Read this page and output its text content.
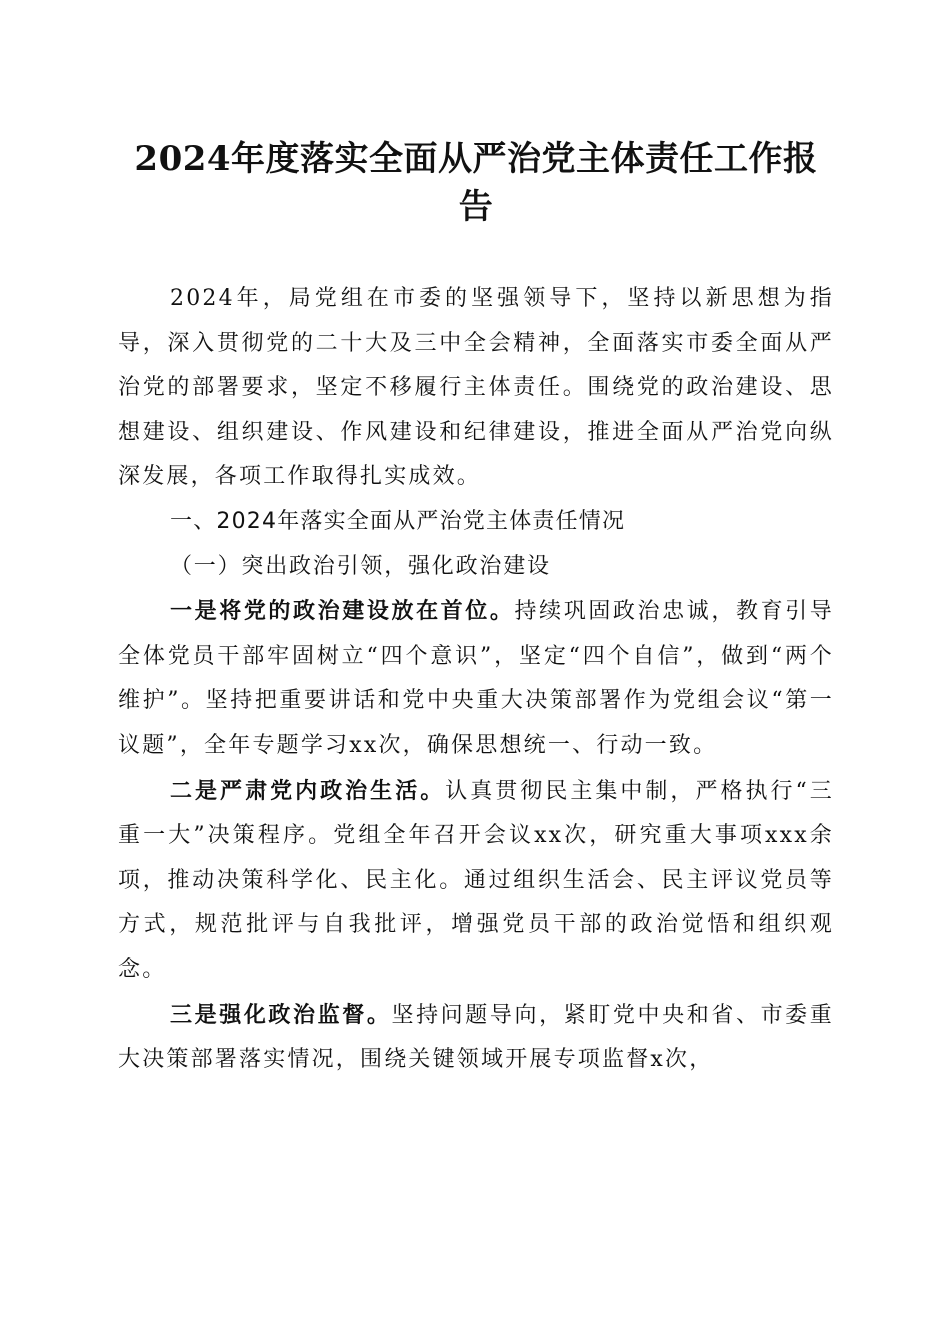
2024年度落实全面从严治党主体责任工作报告

2024年，局党组在市委的坚强领导下，坚持以新思想为指导，深入贯彻党的二十大及三中全会精神，全面落实市委全面从严治党的部署要求，坚定不移履行主体责任。围绕党的政治建设、思想建设、组织建设、作风建设和纪律建设，推进全面从严治党向纵深发展，各项工作取得扎实成效。

一、2024年落实全面从严治党主体责任情况

（一）突出政治引领，强化政治建设

一是将党的政治建设放在首位。持续巩固政治忠诚，教育引导全体党员干部牢固树立“四个意识”，坚定“四个自信”，做到“两个维护”。坚持把重要讲话和党中央重大决策部署作为党组会议“第一议题”，全年专题学习xx次，确保思想统一、行动一致。

二是严肃党内政治生活。认真贯彻民主集中制，严格执行“三重一大”决策程序。党组全年召开会议xx次，研究重大事项xxx余项，推动决策科学化、民主化。通过组织生活会、民主评议党员等方式，规范批评与自我批评，增强党员干部的政治觉悟和组织观念。

三是强化政治监督。坚持问题导向，紧盯党中央和省、市委重大决策部署落实情况，围绕关键领域开展专项监督x次，
